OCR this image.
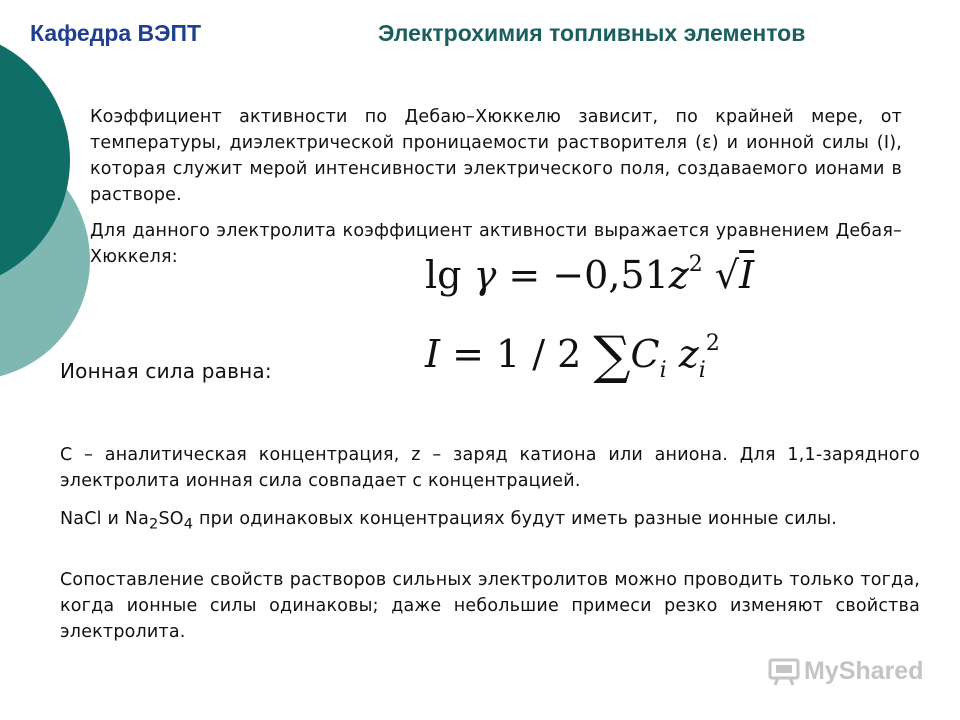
Кафедра ВЭПТ	Электрохимия топливных элементов
Коэффициент активности по Дебаю–Хюккелю зависит, по крайней мере, от температуры, диэлектрической проницаемости растворителя (ε) и ионной силы (I), которая служит мерой интенсивности электрического поля, создаваемого ионами в растворе.
Для данного электролита коэффициент активности выражается уравнением Дебая–Хюккеля:	$\lg \gamma = -0,51z^2$ √I
Ионная сила равна:	I = 1 / 2 $\sum C_i$ $z_i^2$
С – аналитическая концентрация, z – заряд катиона или аниона. Для 1,1-зарядного электролита ионная сила совпадает с концентрацией.
NaCl и $Na_2SO_4$ при одинаковых концентрациях будут иметь разные ионные силы.
Сопоставление свойств растворов сильных электролитов можно проводить только тогда, когда ионные силы одинаковы; даже небольшие примеси резко изменяют свойства электролита.
MyShared
